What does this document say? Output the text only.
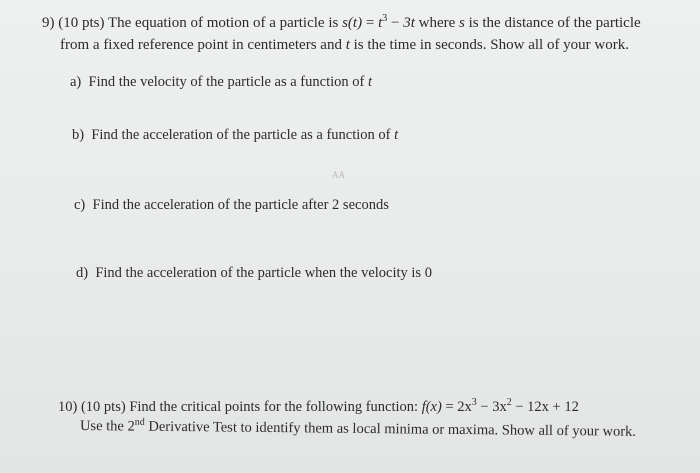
9) (10 pts) The equation of motion of a particle is $s(t) = t^3 - 3t$ where s is the distance of the particle
from a fixed reference point in centimeters and t is the time in seconds. Show all of your work.
a) Find the velocity of the particle as a function of t
b) Find the acceleration of the particle as a function of t
AA
c) Find the acceleration of the particle after 2 seconds
d) Find the acceleration of the particle when the velocity is 0
10) (10 pts) Find the critical points for the following function: $f(x) = 2x^3 - 3x^2 - 12x + 12$
Use the 2nd Derivative Test to identify them as local minima or maxima. Show all of your work.
